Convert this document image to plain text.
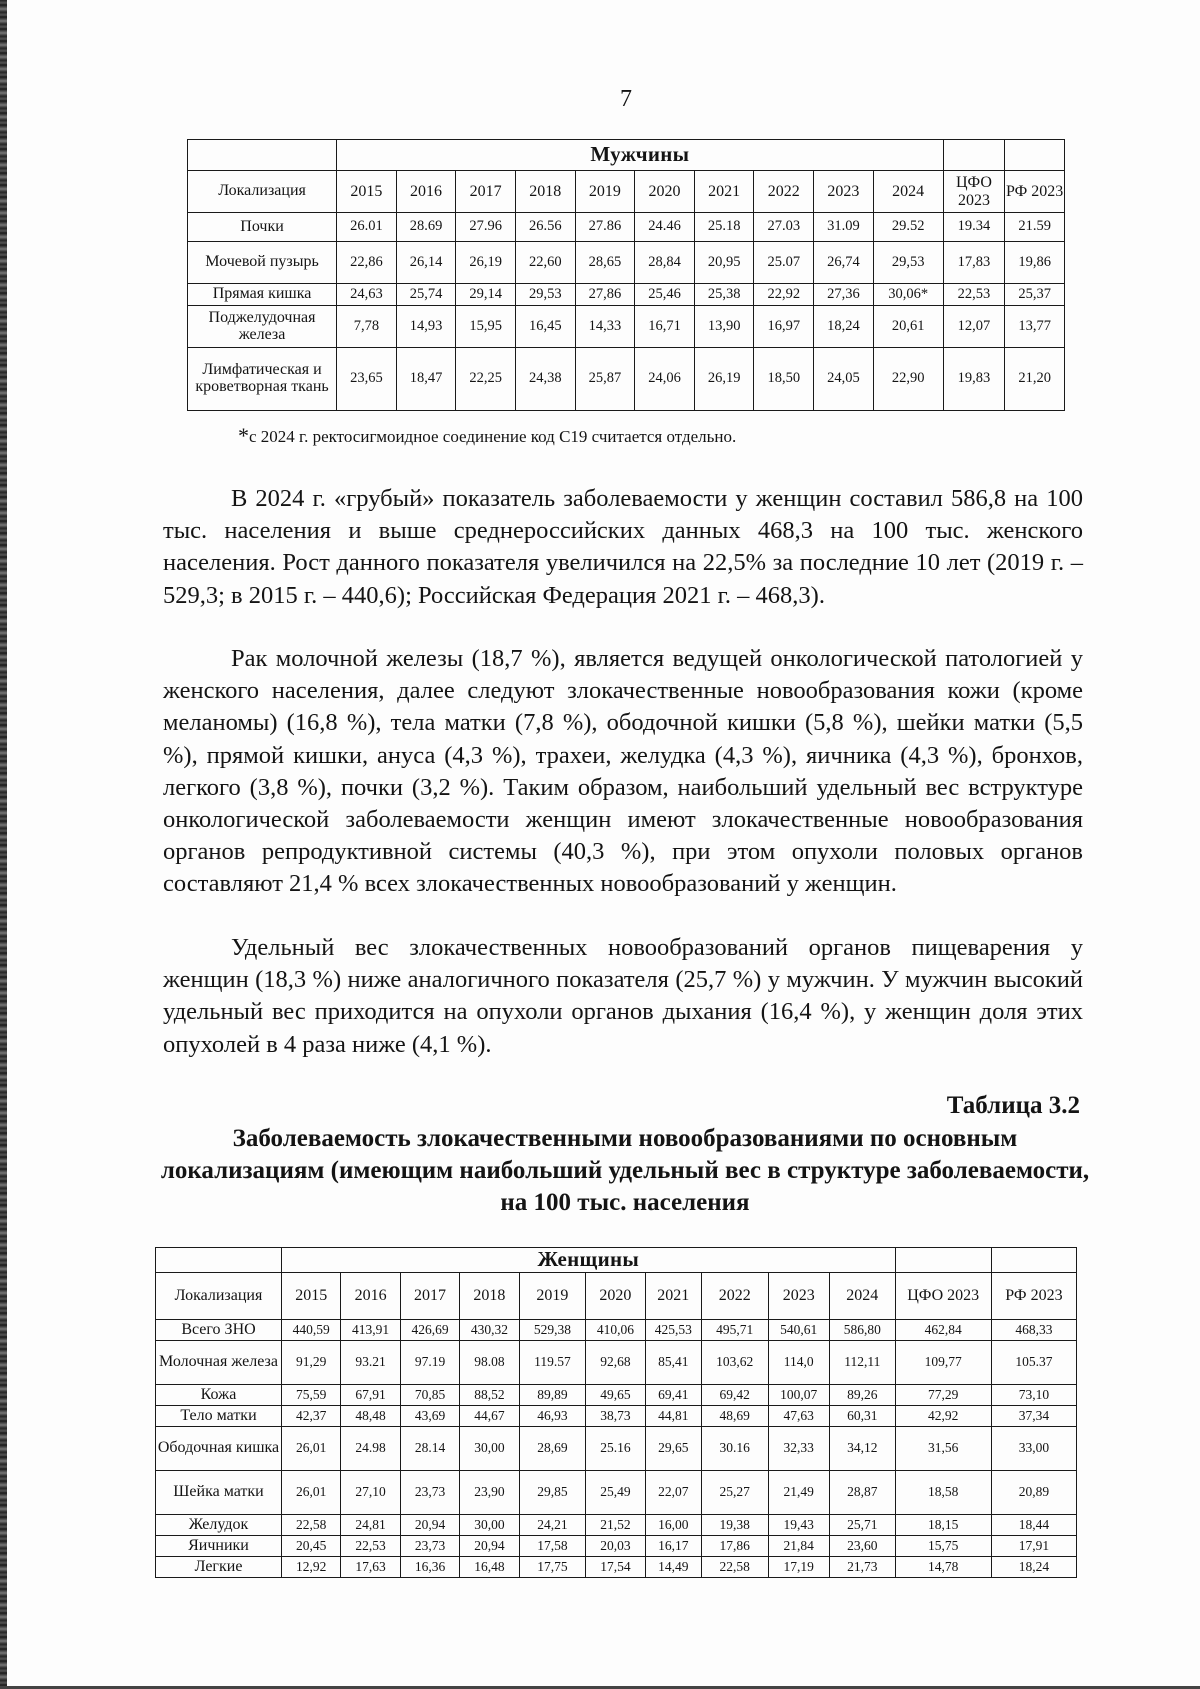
7
	Мужчины											
Локализация	2015	2016	2017	2018	2019	2020	2021	2022	2023	2024	ЦФО 2023	РФ 2023
Почки	26.01	28.69	27.96	26.56	27.86	24.46	25.18	27.03	31.09	29.52	19.34	21.59
Мочевой пузырь	22,86	26,14	26,19	22,60	28,65	28,84	20,95	25.07	26,74	29,53	17,83	19,86
Прямая кишка	24,63	25,74	29,14	29,53	27,86	25,46	25,38	22,92	27,36	30,06*	22,53	25,37
Поджелудочная железа	7,78	14,93	15,95	16,45	14,33	16,71	13,90	16,97	18,24	20,61	12,07	13,77
Лимфатическая и кроветворная ткань	23,65	18,47	22,25	24,38	25,87	24,06	26,19	18,50	24,05	22,90	19,83	21,20
*с 2024 г. ректосигмоидное соединение код С19 считается отдельно.

В 2024 г. «грубый» показатель заболеваемости у женщин составил 586,8 на 100 тыс. населения и выше среднероссийских данных 468,3 на 100 тыс. женского населения. Рост данного показателя увеличился на 22,5% за последние 10 лет (2019 г. – 529,3; в 2015 г. – 440,6); Российская Федерация 2021 г. – 468,3).

Рак молочной железы (18,7 %), является ведущей онкологической патологией у женского населения, далее следуют злокачественные новообразования кожи (кроме меланомы) (16,8 %), тела матки (7,8 %), ободочной кишки (5,8 %), шейки матки (5,5 %), прямой кишки, ануса (4,3 %), трахеи, желудка (4,3 %), яичника (4,3 %), бронхов, легкого (3,8 %), почки (3,2 %). Таким образом, наибольший удельный вес вструктуре онкологической заболеваемости женщин имеют злокачественные новообразования органов репродуктивной системы (40,3 %), при этом опухоли половых органов составляют 21,4 % всех злокачественных новообразований у женщин.

Удельный вес злокачественных новообразований органов пищеварения у женщин (18,3 %) ниже аналогичного показателя (25,7 %) у мужчин. У мужчин высокий удельный вес приходится на опухоли органов дыхания (16,4 %), у женщин доля этих опухолей в 4 раза ниже (4,1 %).

Таблица 3.2
Заболеваемость злокачественными новообразованиями по основным локализациям (имеющим наибольший удельный вес в структуре заболеваемости, на 100 тыс. населения
	Женщины											
Локализация	2015	2016	2017	2018	2019	2020	2021	2022	2023	2024	ЦФО 2023	РФ 2023
Всего ЗНО	440,59	413,91	426,69	430,32	529,38	410,06	425,53	495,71	540,61	586,80	462,84	468,33
Молочная железа	91,29	93.21	97.19	98.08	119.57	92,68	85,41	103,62	114,0	112,11	109,77	105.37
Кожа	75,59	67,91	70,85	88,52	89,89	49,65	69,41	69,42	100,07	89,26	77,29	73,10
Тело матки	42,37	48,48	43,69	44,67	46,93	38,73	44,81	48,69	47,63	60,31	42,92	37,34
Ободочная кишка	26,01	24.98	28.14	30,00	28,69	25.16	29,65	30.16	32,33	34,12	31,56	33,00
Шейка матки	26,01	27,10	23,73	23,90	29,85	25,49	22,07	25,27	21,49	28,87	18,58	20,89
Желудок	22,58	24,81	20,94	30,00	24,21	21,52	16,00	19,38	19,43	25,71	18,15	18,44
Яичники	20,45	22,53	23,73	20,94	17,58	20,03	16,17	17,86	21,84	23,60	15,75	17,91
Легкие	12,92	17,63	16,36	16,48	17,75	17,54	14,49	22,58	17,19	21,73	14,78	18,24
